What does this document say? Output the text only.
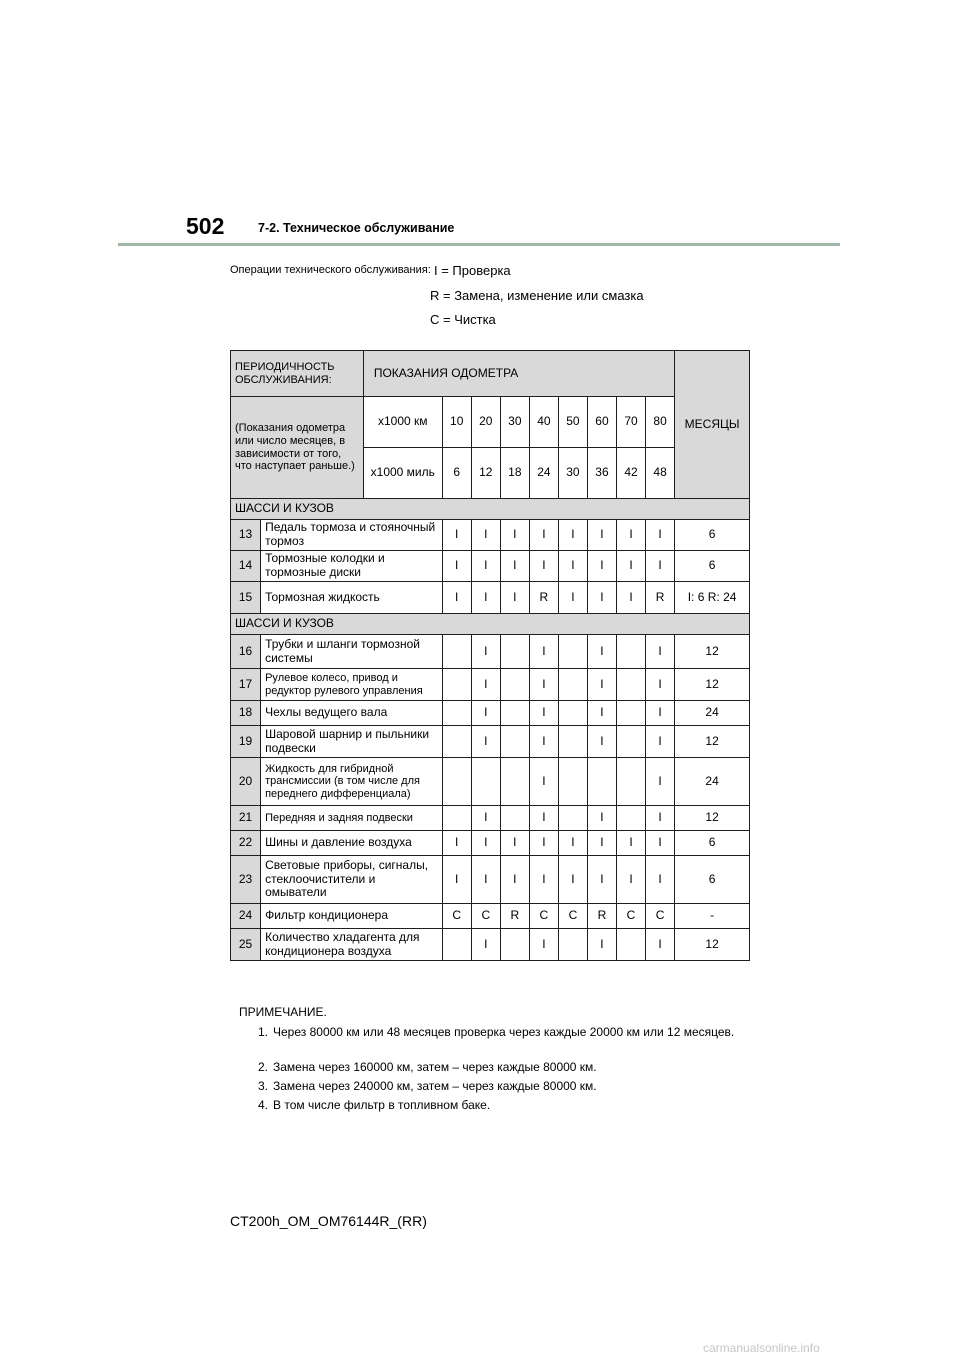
502	7-2. Техническое обслуживание
Операции технического обслуживания: I = Проверка
R = Замена, изменение или смазка
C = Чистка
ПЕРИОДИЧНОСТЬ ОБСЛУЖИВАНИЯ:		ПОКАЗАНИЯ ОДОМЕТРА									МЕСЯЦЫ
(Показания одометра или число месяцев, в зависимости от того, что наступает раньше.)		x1000 км	10	20	30	40	50	60	70	80	
		x1000 миль	6	12	18	24	30	36	42	48	
ШАССИ И КУЗОВ											
13	Педаль тормоза и стояночный тормоз		I	I	I	I	I	I	I	I	6
14	Тормозные колодки и тормозные диски		I	I	I	I	I	I	I	I	6
15	Тормозная жидкость		I	I	I	R	I	I	I	R	I: 6 R: 24
ШАССИ И КУЗОВ											
16	Трубки и шланги тормозной системы			I		I		I		I	12
17	Рулевое колесо, привод и редуктор рулевого управления			I		I		I		I	12
18	Чехлы ведущего вала			I		I		I		I	24
19	Шаровой шарнир и пыльники подвески			I		I		I		I	12
20	Жидкость для гибридной трансмиссии (в том числе для переднего дифференциала)					I				I	24
21	Передняя и задняя подвески			I		I		I		I	12
22	Шины и давление воздуха		I	I	I	I	I	I	I	I	6
23	Световые приборы, сигналы, стеклоочистители и омыватели		I	I	I	I	I	I	I	I	6
24	Фильтр кондиционера		C	C	R	C	C	R	C	C	-
25	Количество хладагента для кондиционера воздуха			I		I		I		I	12
ПРИМЕЧАНИЕ.
1. Через 80000 км или 48 месяцев проверка через каждые 20000 км или 12 месяцев.
2. Замена через 160000 км, затем – через каждые 80000 км.
3. Замена через 240000 км, затем – через каждые 80000 км.
4. В том числе фильтр в топливном баке.
CT200h_OM_OM76144R_(RR)
carmanualsonline.info
